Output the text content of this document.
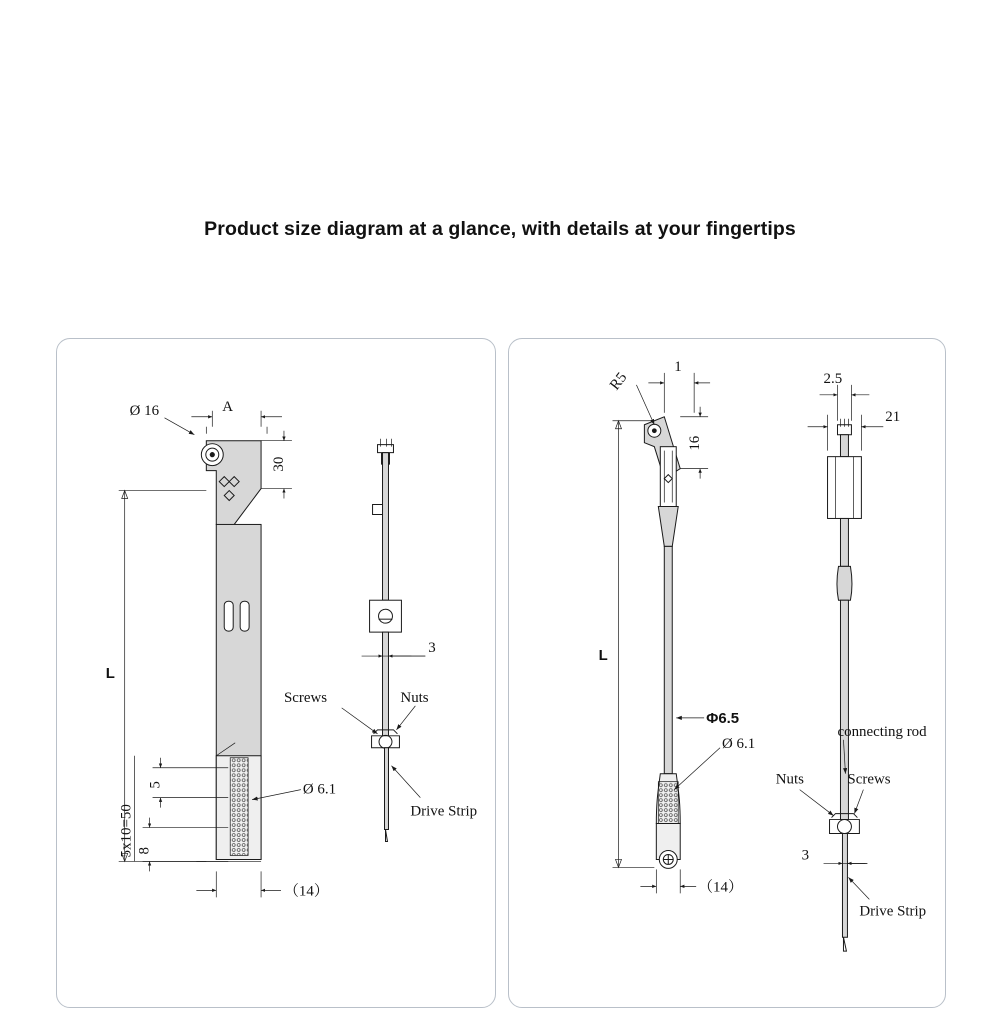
Product size diagram at a glance, with details at your fingertips
Ø 16	A
30
L
5
8
5x10=50
Ø 6.1
（14）
3
Screws	Nuts
Drive Strip
1
R5
16
L
Φ6.5
Ø 6.1
（14）
2.5
21
connecting rod
Nuts	Screws
3
Drive Strip
